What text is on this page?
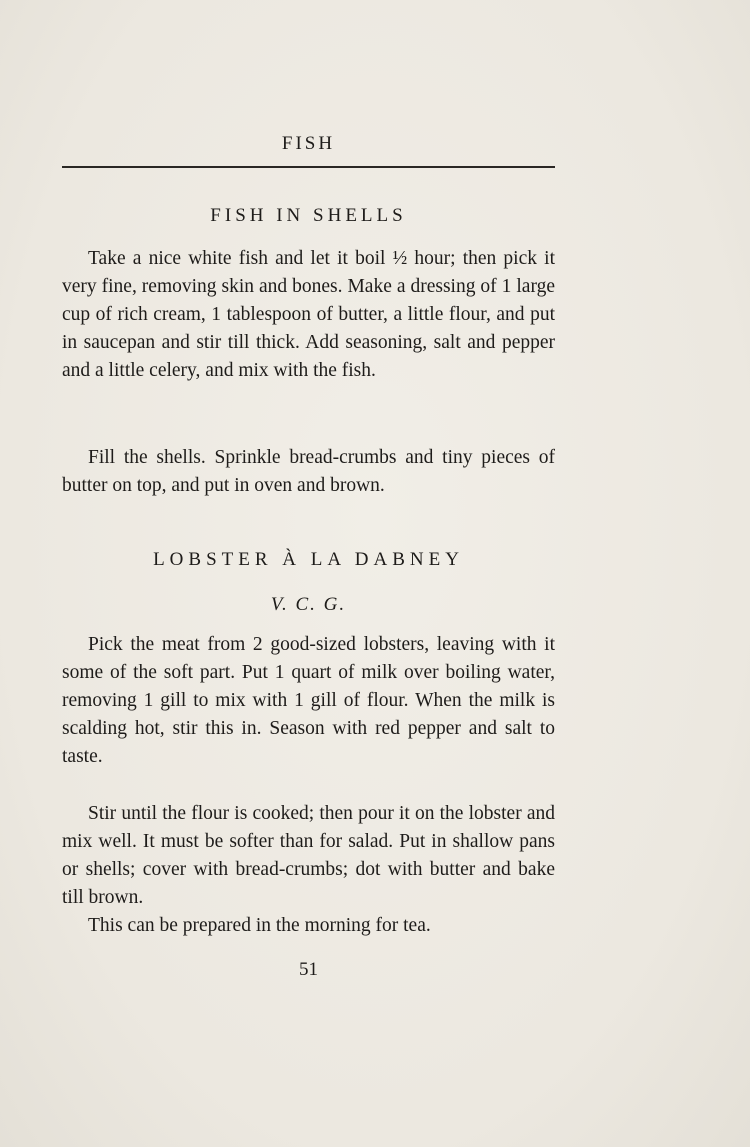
FISH
FISH IN SHELLS

Take a nice white fish and let it boil ½ hour; then pick it very fine, removing skin and bones. Make a dressing of 1 large cup of rich cream, 1 tablespoon of butter, a little flour, and put in saucepan and stir till thick. Add seasoning, salt and pepper and a little celery, and mix with the fish.

Fill the shells. Sprinkle bread-crumbs and tiny pieces of butter on top, and put in oven and brown.

LOBSTER À LA DABNEY
V. C. G.

Pick the meat from 2 good-sized lobsters, leaving with it some of the soft part. Put 1 quart of milk over boiling water, removing 1 gill to mix with 1 gill of flour. When the milk is scalding hot, stir this in. Season with red pepper and salt to taste.

Stir until the flour is cooked; then pour it on the lobster and mix well. It must be softer than for salad. Put in shallow pans or shells; cover with bread-crumbs; dot with butter and bake till brown.

This can be prepared in the morning for tea.

51
